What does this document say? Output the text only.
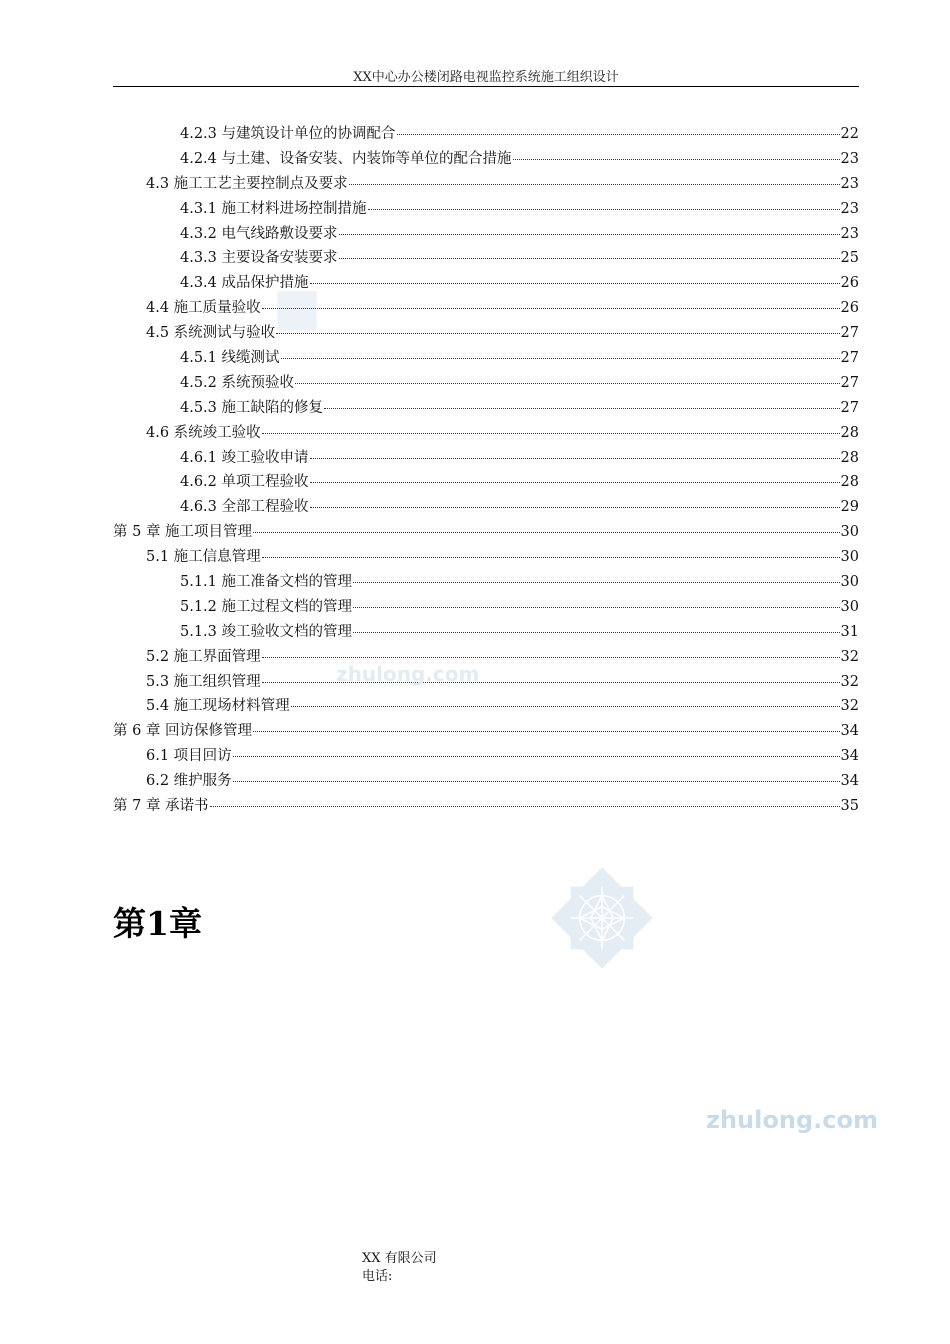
XX中心办公楼闭路电视监控系统施工组织设计
4.2.3 与建筑设计单位的协调配合	22
4.2.4 与土建、设备安装、内装饰等单位的配合措施	23
4.3 施工工艺主要控制点及要求	23
4.3.1 施工材料进场控制措施	23
4.3.2 电气线路敷设要求	23
4.3.3 主要设备安装要求	25
4.3.4 成品保护措施	26
4.4 施工质量验收	26
4.5 系统测试与验收	27
4.5.1 线缆测试	27
4.5.2 系统预验收	27
4.5.3 施工缺陷的修复	27
4.6 系统竣工验收	28
4.6.1 竣工验收申请	28
4.6.2 单项工程验收	28
4.6.3 全部工程验收	29
第 5 章 施工项目管理	30
5.1 施工信息管理	30
5.1.1 施工准备文档的管理	30
5.1.2 施工过程文档的管理	30
5.1.3 竣工验收文档的管理	31
5.2 施工界面管理	32
5.3 施工组织管理	32
5.4 施工现场材料管理	32
第 6 章 回访保修管理	34
6.1 项目回访	34
6.2 维护服务	34
第 7 章 承诺书	35
zhulong.com
第1章
zhulong.com
XX 有限公司
电话:
